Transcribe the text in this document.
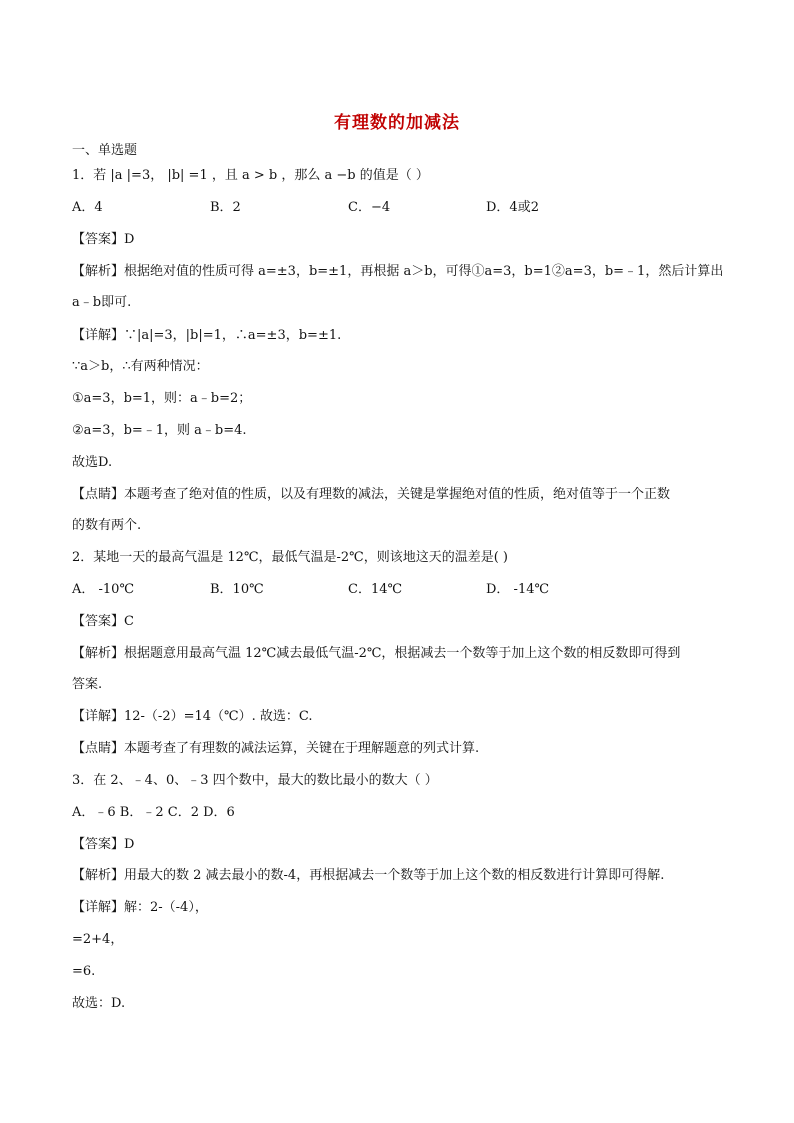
有理数的加减法
一、单选题
1．若 |a |=3， |b| =1 ，且 a > b ，那么 a −b 的值是（ ）
A．4	B．2	C．−4	D．4或2
【答案】D
【解析】根据绝对值的性质可得 a=±3，b=±1，再根据 a＞b，可得①a=3，b=1②a=3，b=﹣1，然后计算出
a﹣b即可.
【详解】∵|a|=3，|b|=1，∴a=±3，b=±1.
∵a＞b，∴有两种情况：
①a=3，b=1，则：a﹣b=2；
②a=3，b=﹣1，则 a﹣b=4.
故选D.
【点睛】本题考查了绝对值的性质，以及有理数的减法，关键是掌握绝对值的性质，绝对值等于一个正数
的数有两个.
2．某地一天的最高气温是 12℃，最低气温是-2℃，则该地这天的温差是( )
A． -10℃	B．10℃	C．14℃	D． -14℃
【答案】C
【解析】根据题意用最高气温 12℃减去最低气温-2℃，根据减去一个数等于加上这个数的相反数即可得到
答案.
【详解】12-（-2）=14（℃）. 故选：C.
【点睛】本题考查了有理数的减法运算，关键在于理解题意的列式计算.
3．在 2、﹣4、0、﹣3 四个数中，最大的数比最小的数大（ ）
A．﹣6 B．﹣2 C．2 D．6
【答案】D
【解析】用最大的数 2 减去最小的数-4，再根据减去一个数等于加上这个数的相反数进行计算即可得解.
【详解】解：2-（-4），
=2+4，
=6.
故选：D.
